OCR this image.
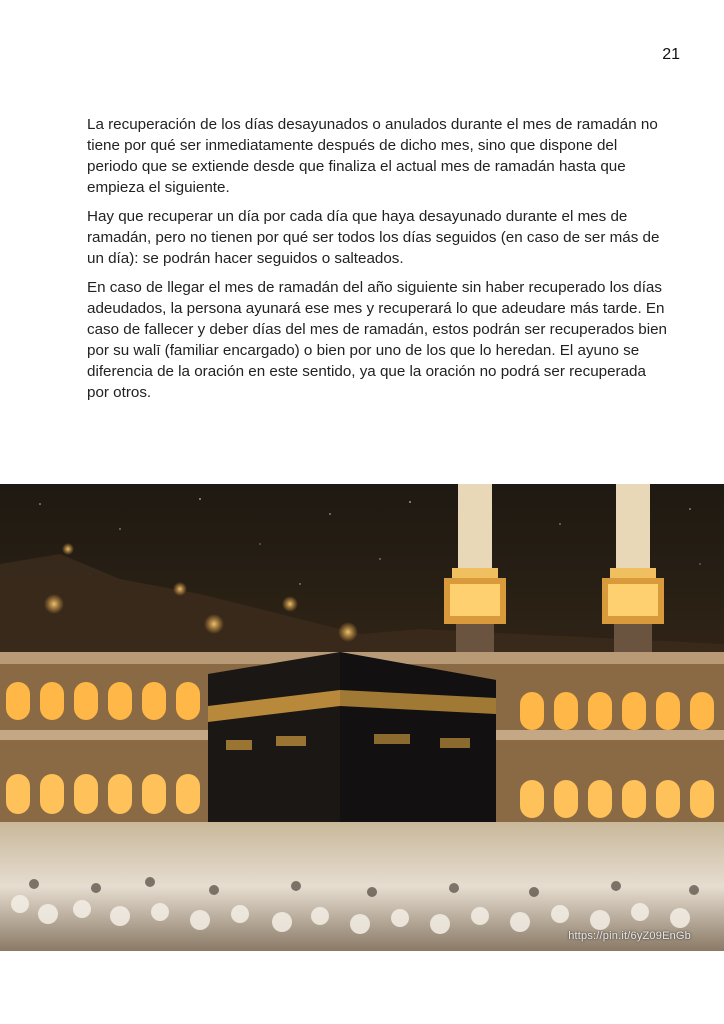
21

La recuperación de los días desayunados o anulados durante el mes de ramadán no tiene por qué ser inmediatamente después de dicho mes, sino que dispone del periodo que se extiende desde que finaliza el actual mes de ramadán hasta que empieza el siguiente.

Hay que recuperar un día por cada día que haya desayunado durante el mes de ramadán, pero no tienen por qué ser todos los días seguidos (en caso de ser más de un día): se podrán hacer seguidos o salteados.

En caso de llegar el mes de ramadán del año siguiente sin haber recuperado los días adeudados, la persona ayunará ese mes y recuperará lo que adeudare más tarde. En caso de fallecer y deber días del mes de ramadán, estos podrán ser recuperados bien por su walī (familiar encargado) o bien por uno de los que lo heredan. El ayuno se diferencia de la oración en este sentido, ya que la oración no podrá ser recuperada por otros.

https://pin.it/6yZ09EnGb
